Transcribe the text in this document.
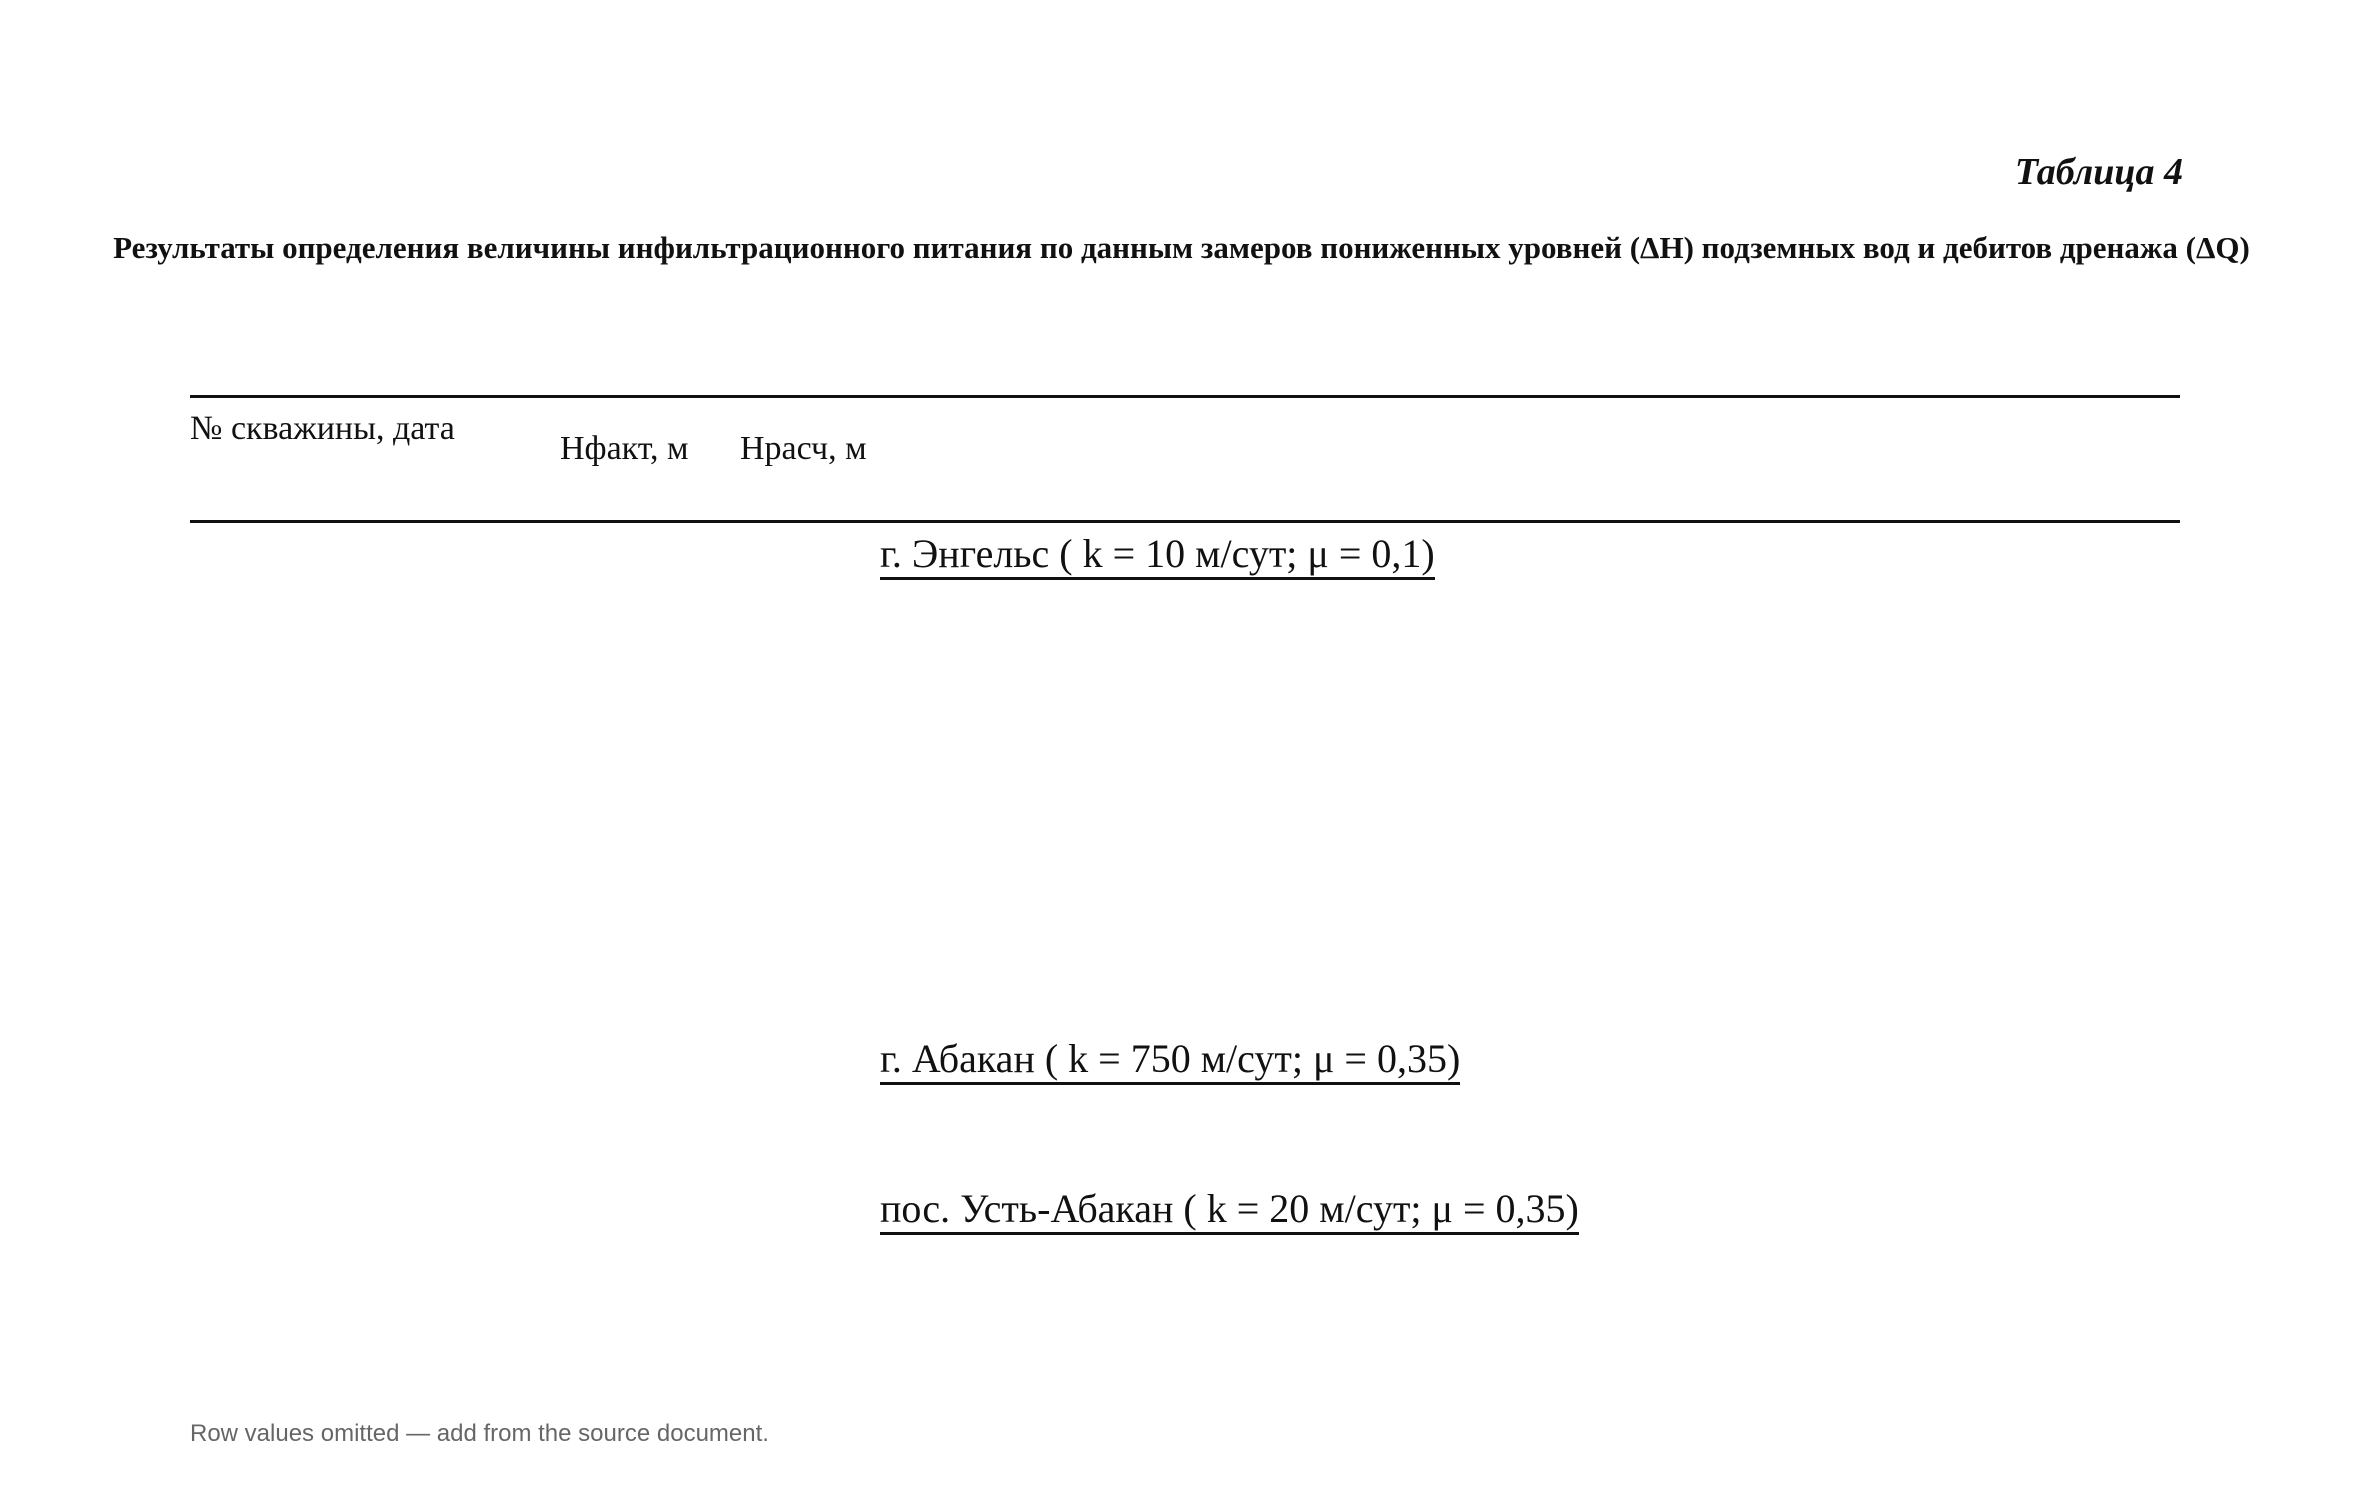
Таблица 4
Результаты определения величины инфильтрационного питания по данным замеров пониженных уровней (ΔH) подземных вод и дебитов дренажа (ΔQ)
№ скважины, дата
Hфакт, м Hрасч, м
г. Энгельс ( k = 10 м/сут; μ = 0,1)
г. Абакан ( k = 750 м/сут; μ = 0,35)
пос. Усть-Абакан ( k = 20 м/сут; μ = 0,35)
Row values omitted — add from the source document.
